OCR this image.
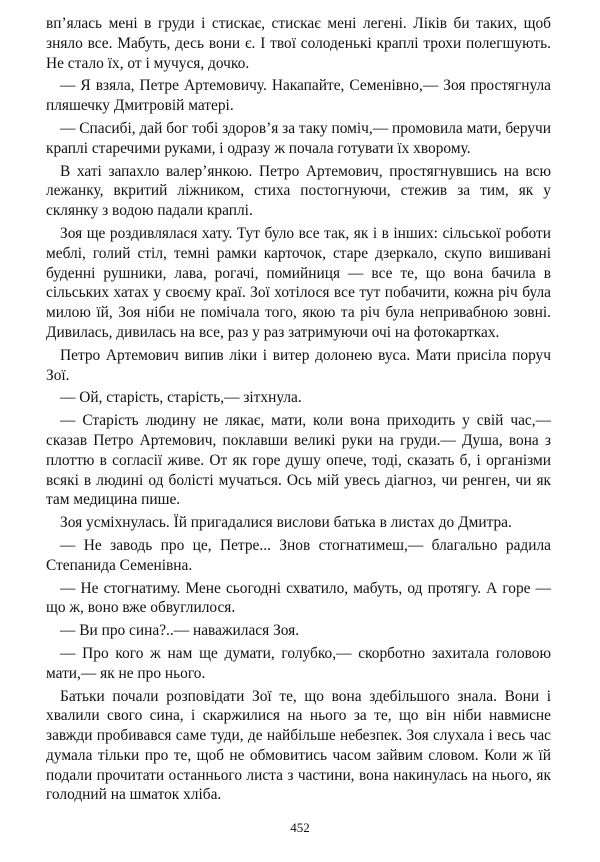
вп’ялась мені в груди і стискає, стискає мені легені. Ліків би таких, щоб зняло все. Мабуть, десь вони є. І твої солоденькі краплі трохи полегшують. Не стало їх, от і мучуся, дочко.

— Я взяла, Петре Артемовичу. Накапайте, Семенівно,— Зоя простягнула пляшечку Дмитровій матері.

— Спасибі, дай бог тобі здоров’я за таку поміч,— промовила мати, беручи краплі старечими руками, і одразу ж почала готувати їх хворому.

В хаті запахло валер’янкою. Петро Артемович, простягнувшись на всю лежанку, вкритий ліжником, стиха постогнуючи, стежив за тим, як у склянку з водою падали краплі.

Зоя ще роздивлялася хату. Тут було все так, як і в інших: сільської роботи меблі, голий стіл, темні рамки карточок, старе дзеркало, скупо вишивані буденні рушники, лава, рогачі, помийниця — все те, що вона бачила в сільських хатах у своєму краї. Зої хотілося все тут побачити, кожна річ була милою їй, Зоя ніби не помічала того, якою та річ була непривабною зовні. Дивилась, дивилась на все, раз у раз затримуючи очі на фотокартках.

Петро Артемович випив ліки і витер долонею вуса. Мати присіла поруч Зої.

— Ой, старість, старість,— зітхнула.

— Старість людину не лякає, мати, коли вона приходить у свій час,— сказав Петро Артемович, поклавши великі руки на груди.— Душа, вона з плоттю в согласії живе. От як горе душу опече, тоді, сказать б, і організми всякі в людині од болісті мучаться. Ось мій увесь діагноз, чи ренген, чи як там медицина пише.

Зоя усміхнулась. Їй пригадалися вислови батька в листах до Дмитра.

— Не заводь про це, Петре... Знов стогнатимеш,— благально радила Степанида Семенівна.

— Не стогнатиму. Мене сьогодні схватило, мабуть, од протягу. А горе — що ж, воно вже обвуглилося.

— Ви про сина?..— наважилася Зоя.

— Про кого ж нам ще думати, голубко,— скорботно захитала головою мати,— як не про нього.

Батьки почали розповідати Зої те, що вона здебільшого знала. Вони і хвалили свого сина, і скаржилися на нього за те, що він ніби навмисне завжди пробивався саме туди, де найбільше небезпек. Зоя слухала і весь час думала тільки про те, щоб не обмовитись часом зайвим словом. Коли ж їй подали прочитати останнього листа з частини, вона накинулась на нього, як голодний на шматок хліба.

452
